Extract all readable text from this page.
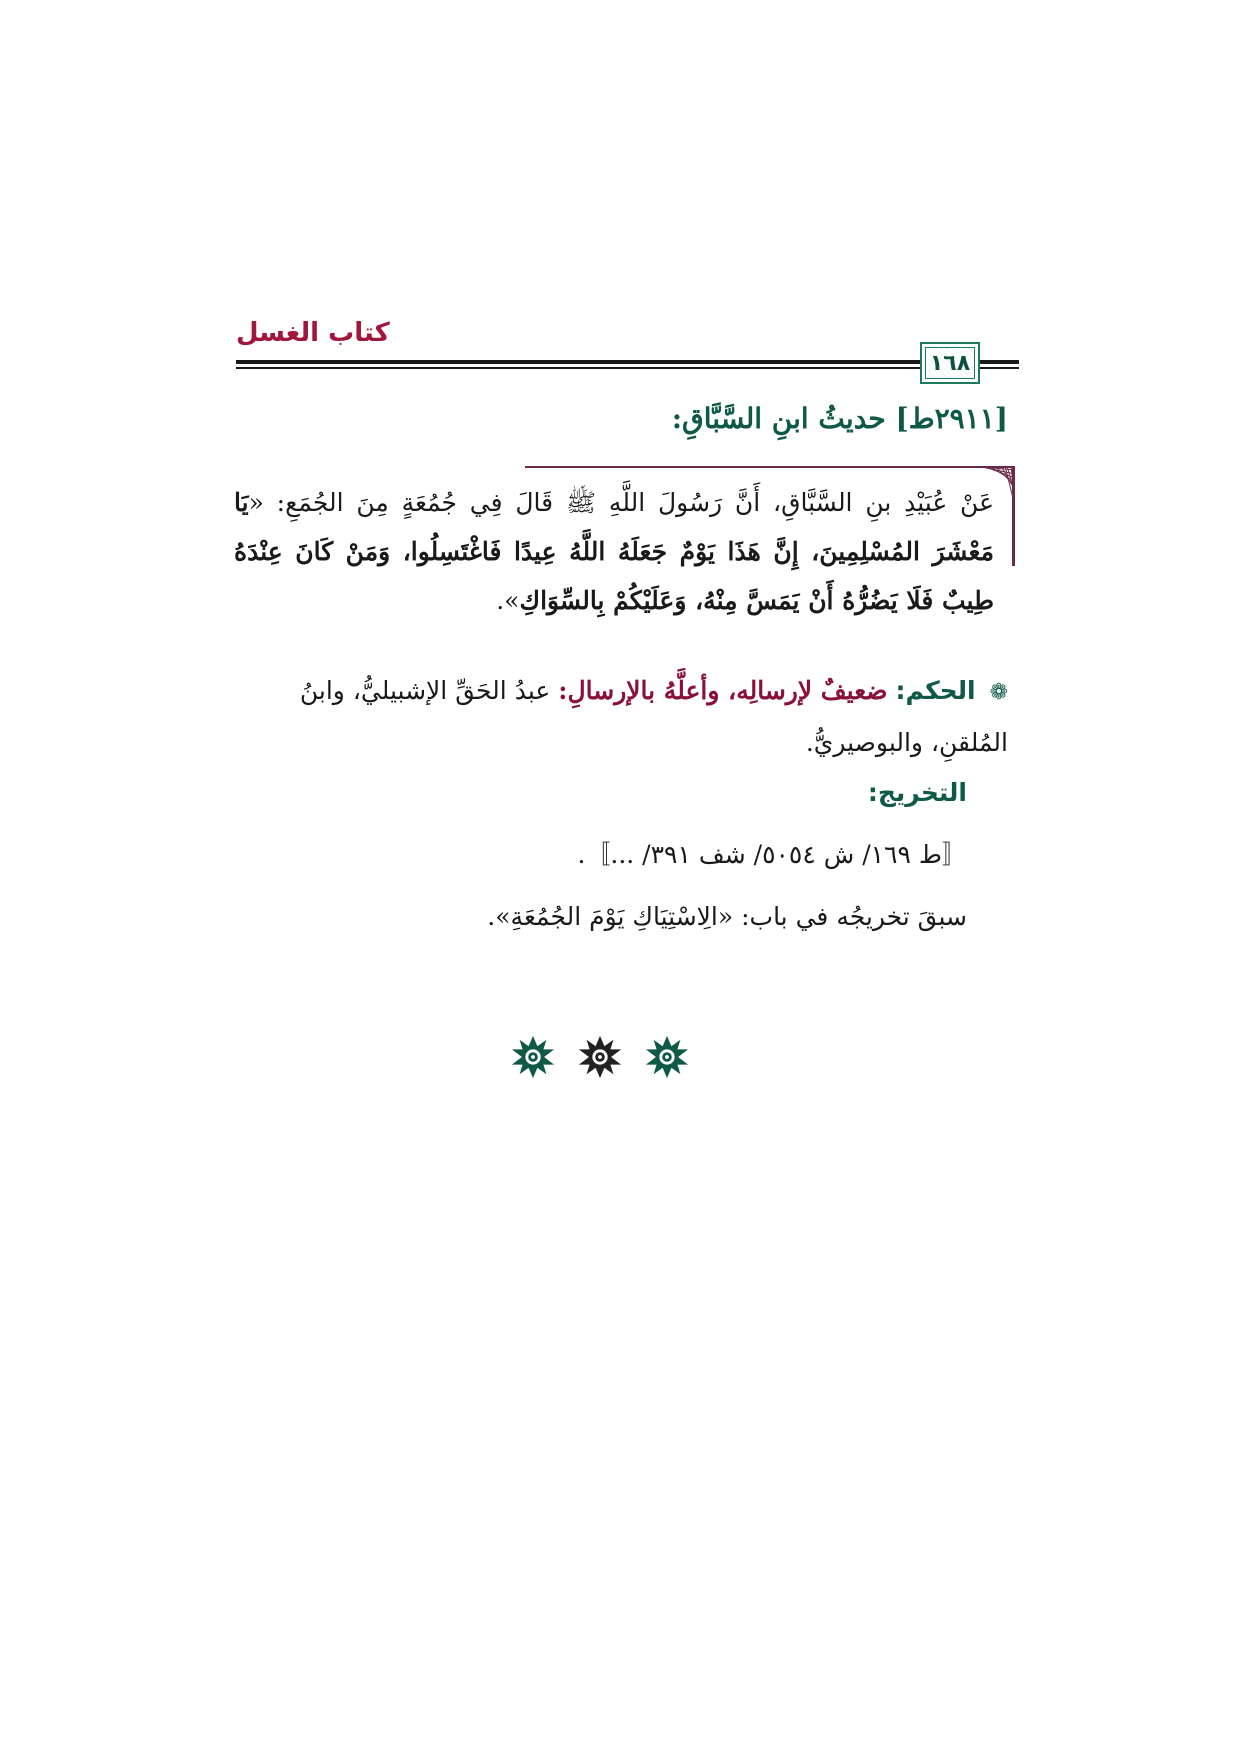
كتاب الغسل
١٦٨
[٢٩١١ط] حديثُ ابنِ السَّبَّاقِ:
عَنْ عُبَيْدِ بنِ السَّبَّاقِ، أَنَّ رَسُولَ اللَّهِ ﷺ قَالَ فِي جُمُعَةٍ مِنَ الجُمَعِ: «يَا مَعْشَرَ المُسْلِمِينَ، إِنَّ هَذَا يَوْمٌ جَعَلَهُ اللَّهُ عِيدًا فَاغْتَسِلُوا، وَمَنْ كَانَ عِنْدَهُ طِيبٌ فَلَا يَضُرُّهُ أَنْ يَمَسَّ مِنْهُ، وَعَلَيْكُمْ بِالسِّوَاكِ».
❁ الحكم: ضعيفٌ لإرسالِه، وأعلَّهُ بالإرسالِ: عبدُ الحَقِّ الإشبيليُّ، وابنُ المُلقنِ، والبوصيريُّ.
التخريج:
〚ط ١٦٩/ ش ٥٠٥٤/ شف ٣٩١/ ...〛.
سبقَ تخريجُه في باب: «الِاسْتِيَاكِ يَوْمَ الجُمُعَةِ».
